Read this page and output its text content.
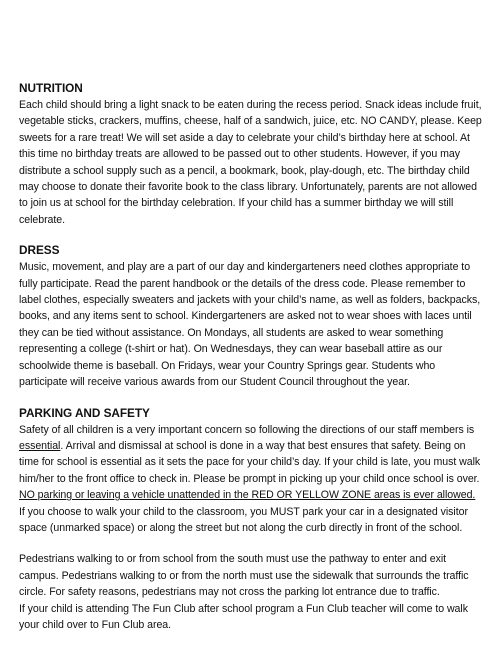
NUTRITION

Each child should bring a light snack to be eaten during the recess period. Snack ideas include fruit, vegetable sticks, crackers, muffins, cheese, half of a sandwich, juice, etc. NO CANDY, please. Keep sweets for a rare treat! We will set aside a day to celebrate your child’s birthday here at school. At this time no birthday treats are allowed to be passed out to other students. However, if you may distribute a school supply such as a pencil, a bookmark, book, play-dough, etc. The birthday child may choose to donate their favorite book to the class library. Unfortunately, parents are not allowed to join us at school for the birthday celebration. If your child has a summer birthday we will still celebrate.

DRESS

Music, movement, and play are a part of our day and kindergarteners need clothes appropriate to fully participate. Read the parent handbook or the details of the dress code. Please remember to label clothes, especially sweaters and jackets with your child’s name, as well as folders, backpacks, books, and any items sent to school. Kindergarteners are asked not to wear shoes with laces until they can be tied without assistance. On Mondays, all students are asked to wear something representing a college (t-shirt or hat). On Wednesdays, they can wear baseball attire as our schoolwide theme is baseball. On Fridays, wear your Country Springs gear. Students who participate will receive various awards from our Student Council throughout the year.

PARKING AND SAFETY

Safety of all children is a very important concern so following the directions of our staff members is essential. Arrival and dismissal at school is done in a way that best ensures that safety. Being on time for school is essential as it sets the pace for your child’s day. If your child is late, you must walk him/her to the front office to check in. Please be prompt in picking up your child once school is over. NO parking or leaving a vehicle unattended in the RED OR YELLOW ZONE areas is ever allowed. If you choose to walk your child to the classroom, you MUST park your car in a designated visitor space (unmarked space) or along the street but not along the curb directly in front of the school.

Pedestrians walking to or from school from the south must use the pathway to enter and exit campus. Pedestrians walking to or from the north must use the sidewalk that surrounds the traffic circle. For safety reasons, pedestrians may not cross the parking lot entrance due to traffic.
If your child is attending The Fun Club after school program a Fun Club teacher will come to walk your child over to Fun Club area.
